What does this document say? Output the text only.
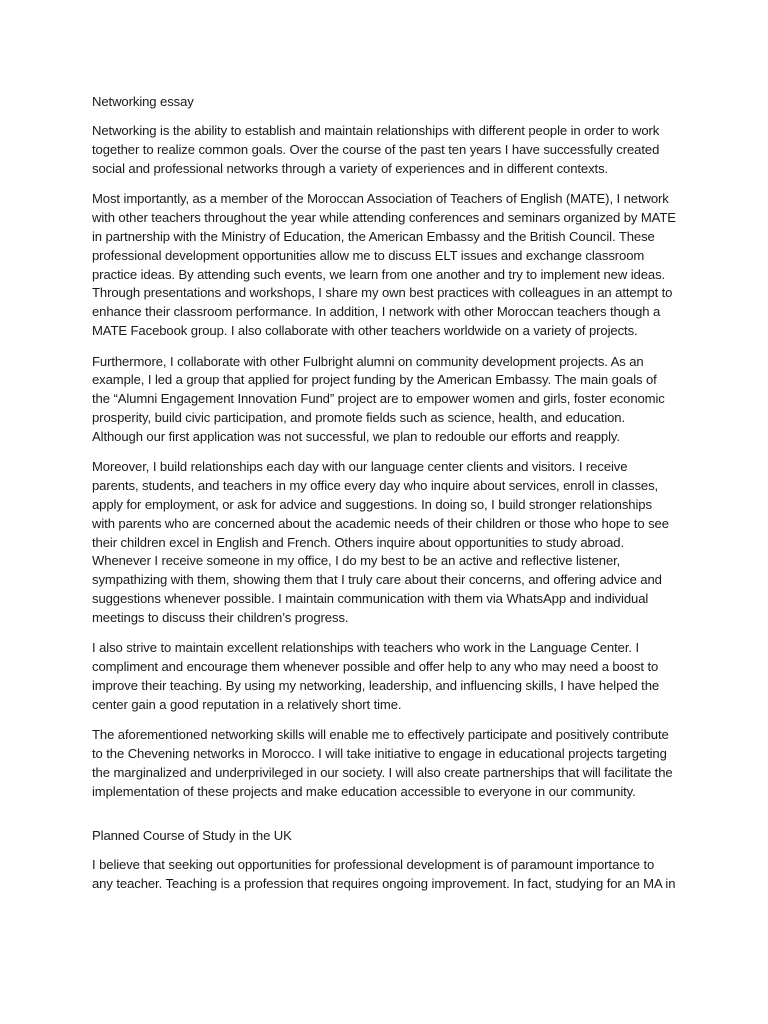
Networking essay

Networking is the ability to establish and maintain relationships with different people in order to work together to realize common goals. Over the course of the past ten years I have successfully created social and professional networks through a variety of experiences and in different contexts.

Most importantly, as a member of the Moroccan Association of Teachers of English (MATE), I network with other teachers throughout the year while attending conferences and seminars organized by MATE in partnership with the Ministry of Education, the American Embassy and the British Council. These professional development opportunities allow me to discuss ELT issues and exchange classroom practice ideas. By attending such events, we learn from one another and try to implement new ideas. Through presentations and workshops, I share my own best practices with colleagues in an attempt to enhance their classroom performance. In addition, I network with other Moroccan teachers though a MATE Facebook group. I also collaborate with other teachers worldwide on a variety of projects.

Furthermore, I collaborate with other Fulbright alumni on community development projects. As an example, I led a group that applied for project funding by the American Embassy. The main goals of the “Alumni Engagement Innovation Fund” project are to empower women and girls, foster economic prosperity, build civic participation, and promote fields such as science, health, and education. Although our first application was not successful, we plan to redouble our efforts and reapply.

Moreover, I build relationships each day with our language center clients and visitors. I receive parents, students, and teachers in my office every day who inquire about services, enroll in classes, apply for employment, or ask for advice and suggestions. In doing so, I build stronger relationships with parents who are concerned about the academic needs of their children or those who hope to see their children excel in English and French. Others inquire about opportunities to study abroad. Whenever I receive someone in my office, I do my best to be an active and reflective listener, sympathizing with them, showing them that I truly care about their concerns, and offering advice and suggestions whenever possible. I maintain communication with them via WhatsApp and individual meetings to discuss their children’s progress.

I also strive to maintain excellent relationships with teachers who work in the Language Center. I compliment and encourage them whenever possible and offer help to any who may need a boost to improve their teaching. By using my networking, leadership, and influencing skills, I have helped the center gain a good reputation in a relatively short time.

The aforementioned networking skills will enable me to effectively participate and positively contribute to the Chevening networks in Morocco. I will take initiative to engage in educational projects targeting the marginalized and underprivileged in our society. I will also create partnerships that will facilitate the implementation of these projects and make education accessible to everyone in our community.

Planned Course of Study in the UK

I believe that seeking out opportunities for professional development is of paramount importance to any teacher. Teaching is a profession that requires ongoing improvement. In fact, studying for an MA in
